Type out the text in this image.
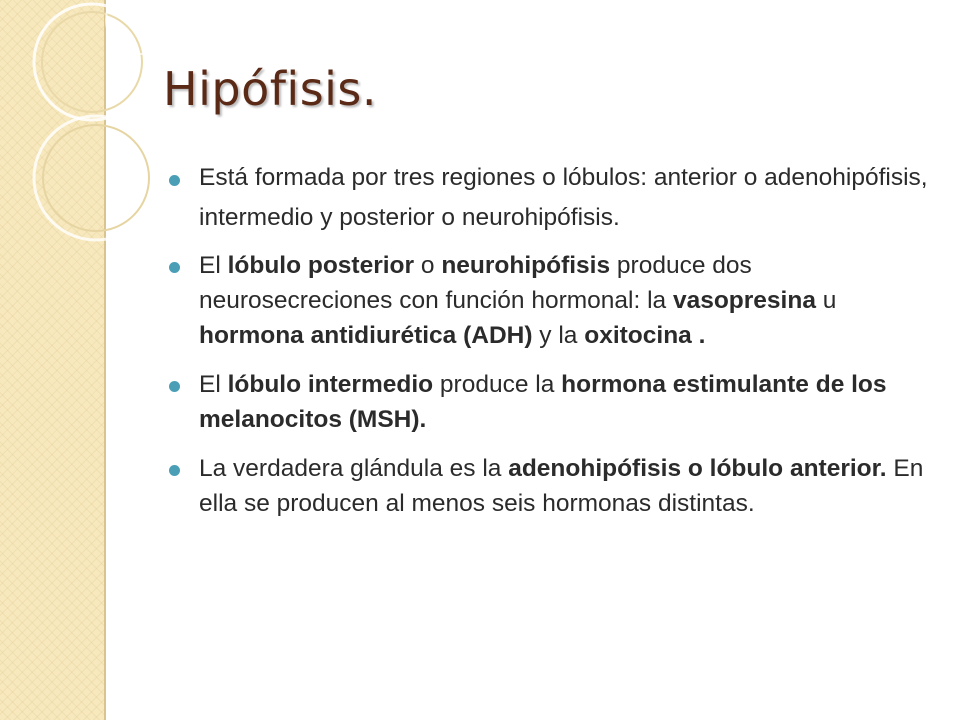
Hipófisis.
Está formada por tres regiones o lóbulos: anterior o adenohipófisis, intermedio y posterior o neurohipófisis.
El lóbulo posterior o neurohipófisis produce dos neurosecreciones con función hormonal: la vasopresina u hormona antidiurética (ADH) y la oxitocina .
El lóbulo intermedio produce la hormona estimulante de los melanocitos (MSH).
La verdadera glándula es la adenohipófisis o lóbulo anterior. En ella se producen al menos seis hormonas distintas.
